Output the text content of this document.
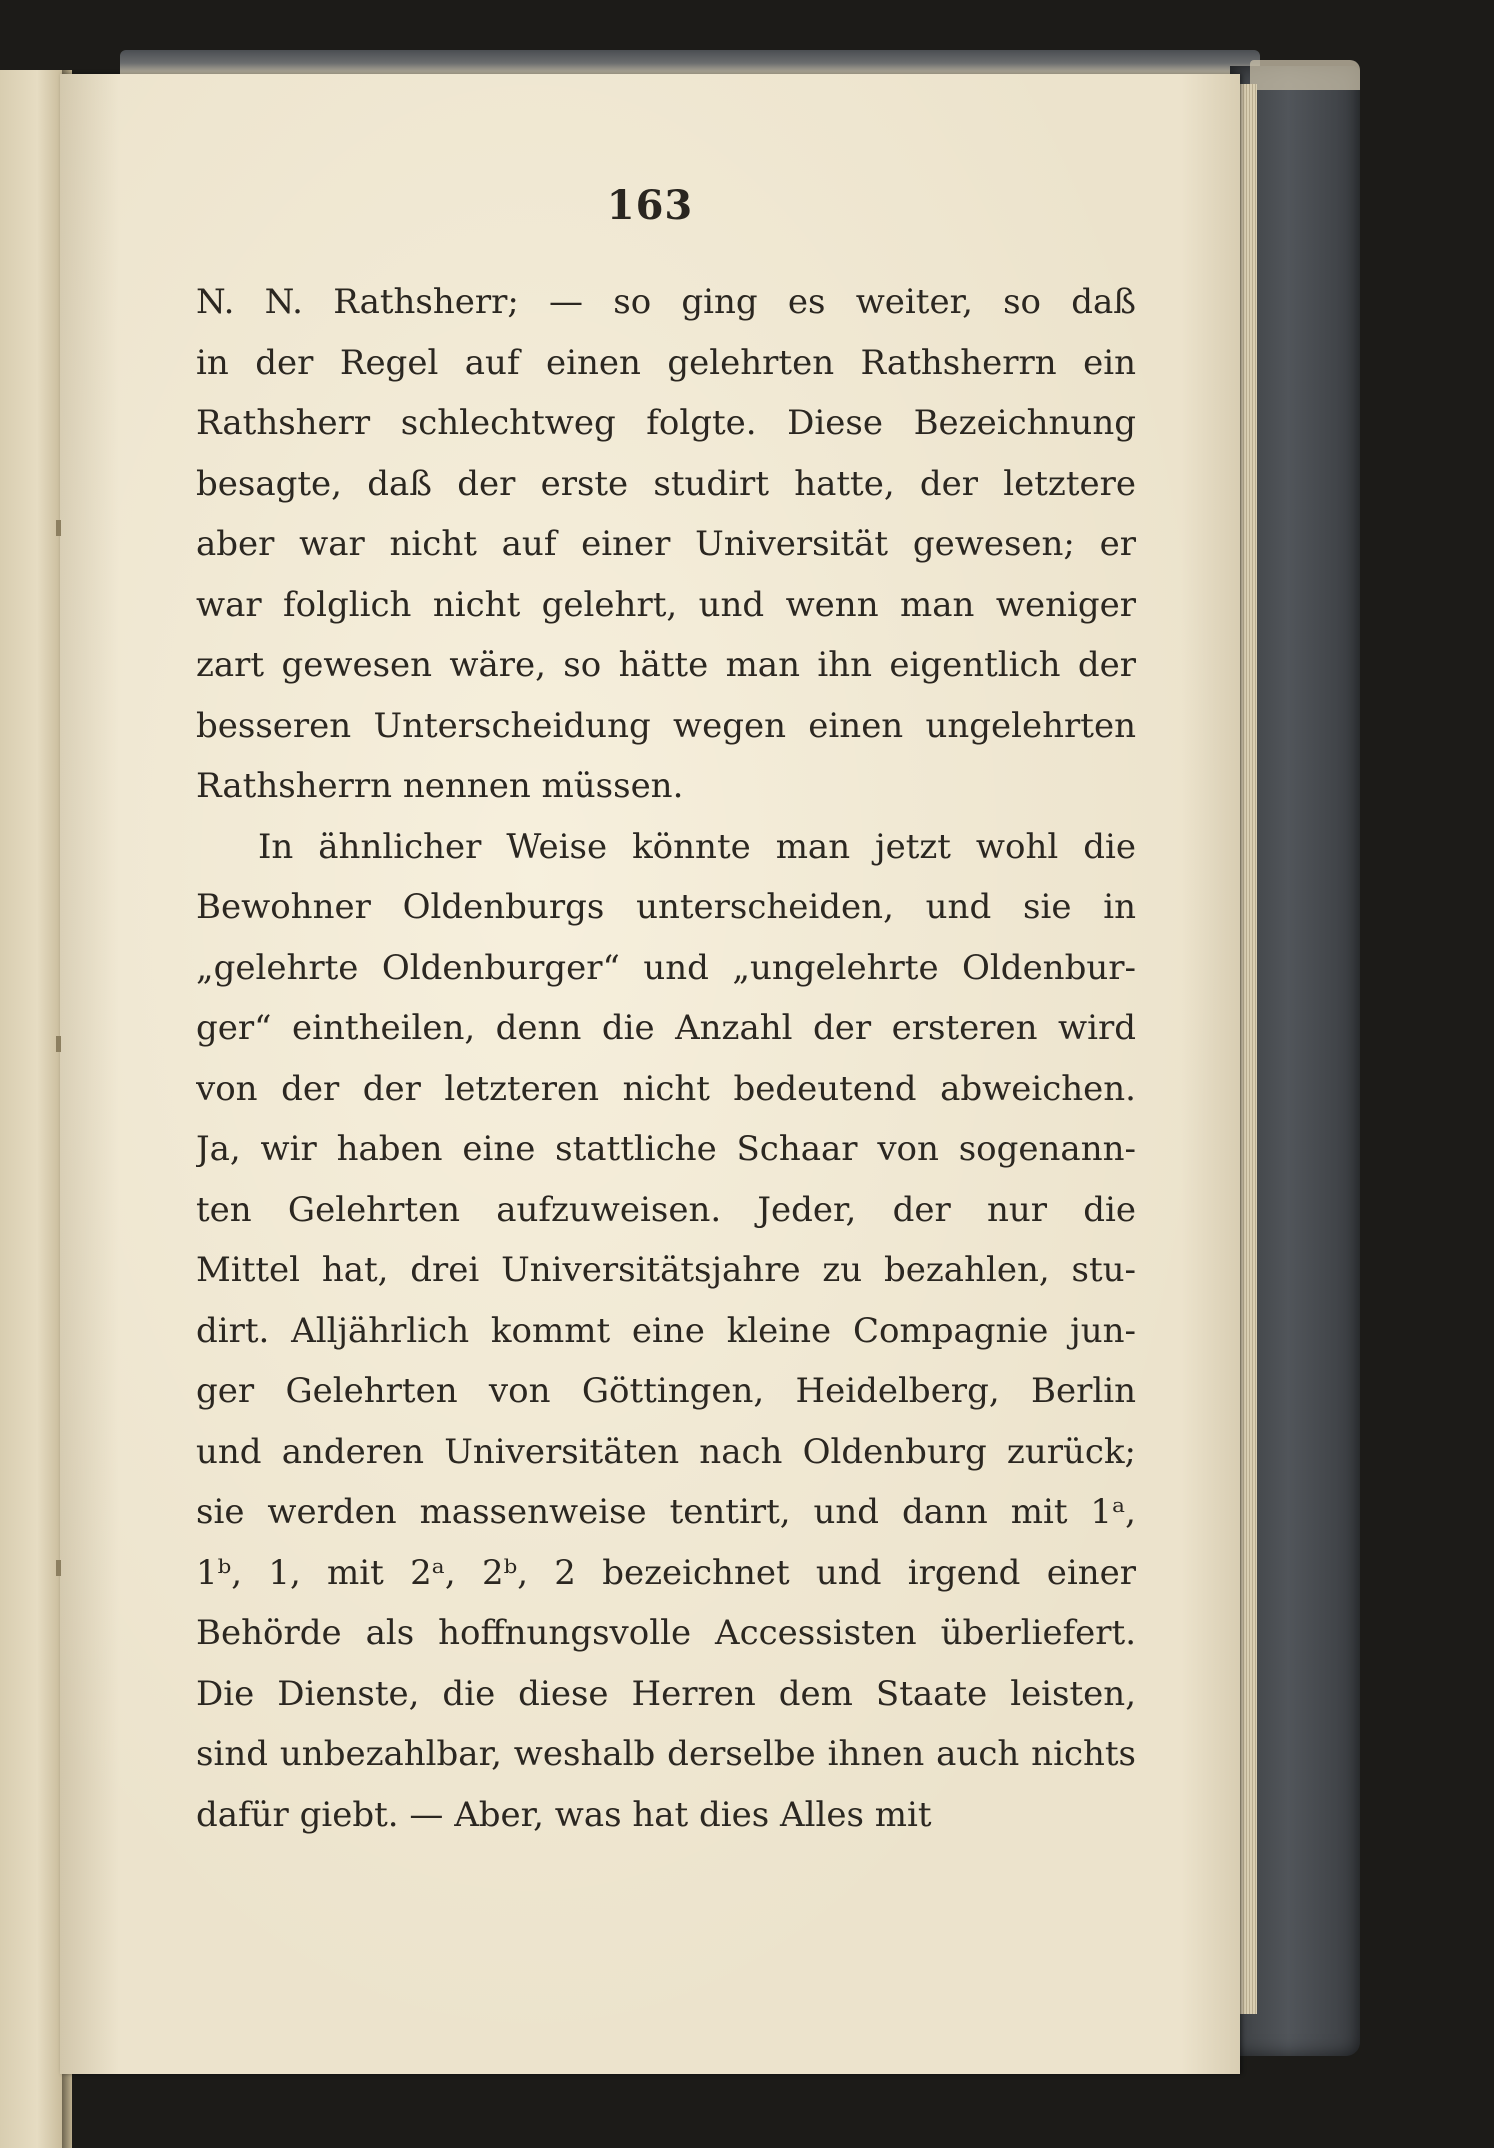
163
N. N. Rathsherr; — so ging es weiter, so daß
in der Regel auf einen gelehrten Rathsherrn ein
Rathsherr schlechtweg folgte. Diese Bezeichnung
besagte, daß der erste studirt hatte, der letztere
aber war nicht auf einer Universität gewesen; er
war folglich nicht gelehrt, und wenn man weniger
zart gewesen wäre, so hätte man ihn eigentlich der
besseren Unterscheidung wegen einen ungelehrten
Rathsherrn nennen müssen.
In ähnlicher Weise könnte man jetzt wohl die
Bewohner Oldenburgs unterscheiden, und sie in
„gelehrte Oldenburger“ und „ungelehrte Oldenbur-
ger“ eintheilen, denn die Anzahl der ersteren wird
von der der letzteren nicht bedeutend abweichen.
Ja, wir haben eine stattliche Schaar von sogenann-
ten Gelehrten aufzuweisen. Jeder, der nur die
Mittel hat, drei Universitätsjahre zu bezahlen, stu-
dirt. Alljährlich kommt eine kleine Compagnie jun-
ger Gelehrten von Göttingen, Heidelberg, Berlin
und anderen Universitäten nach Oldenburg zurück;
sie werden massenweise tentirt, und dann mit 1ᵃ,
1ᵇ, 1, mit 2ᵃ, 2ᵇ, 2 bezeichnet und irgend einer
Behörde als hoffnungsvolle Accessisten überliefert.
Die Dienste, die diese Herren dem Staate leisten,
sind unbezahlbar, weshalb derselbe ihnen auch nichts
dafür giebt. — Aber, was hat dies Alles mit
